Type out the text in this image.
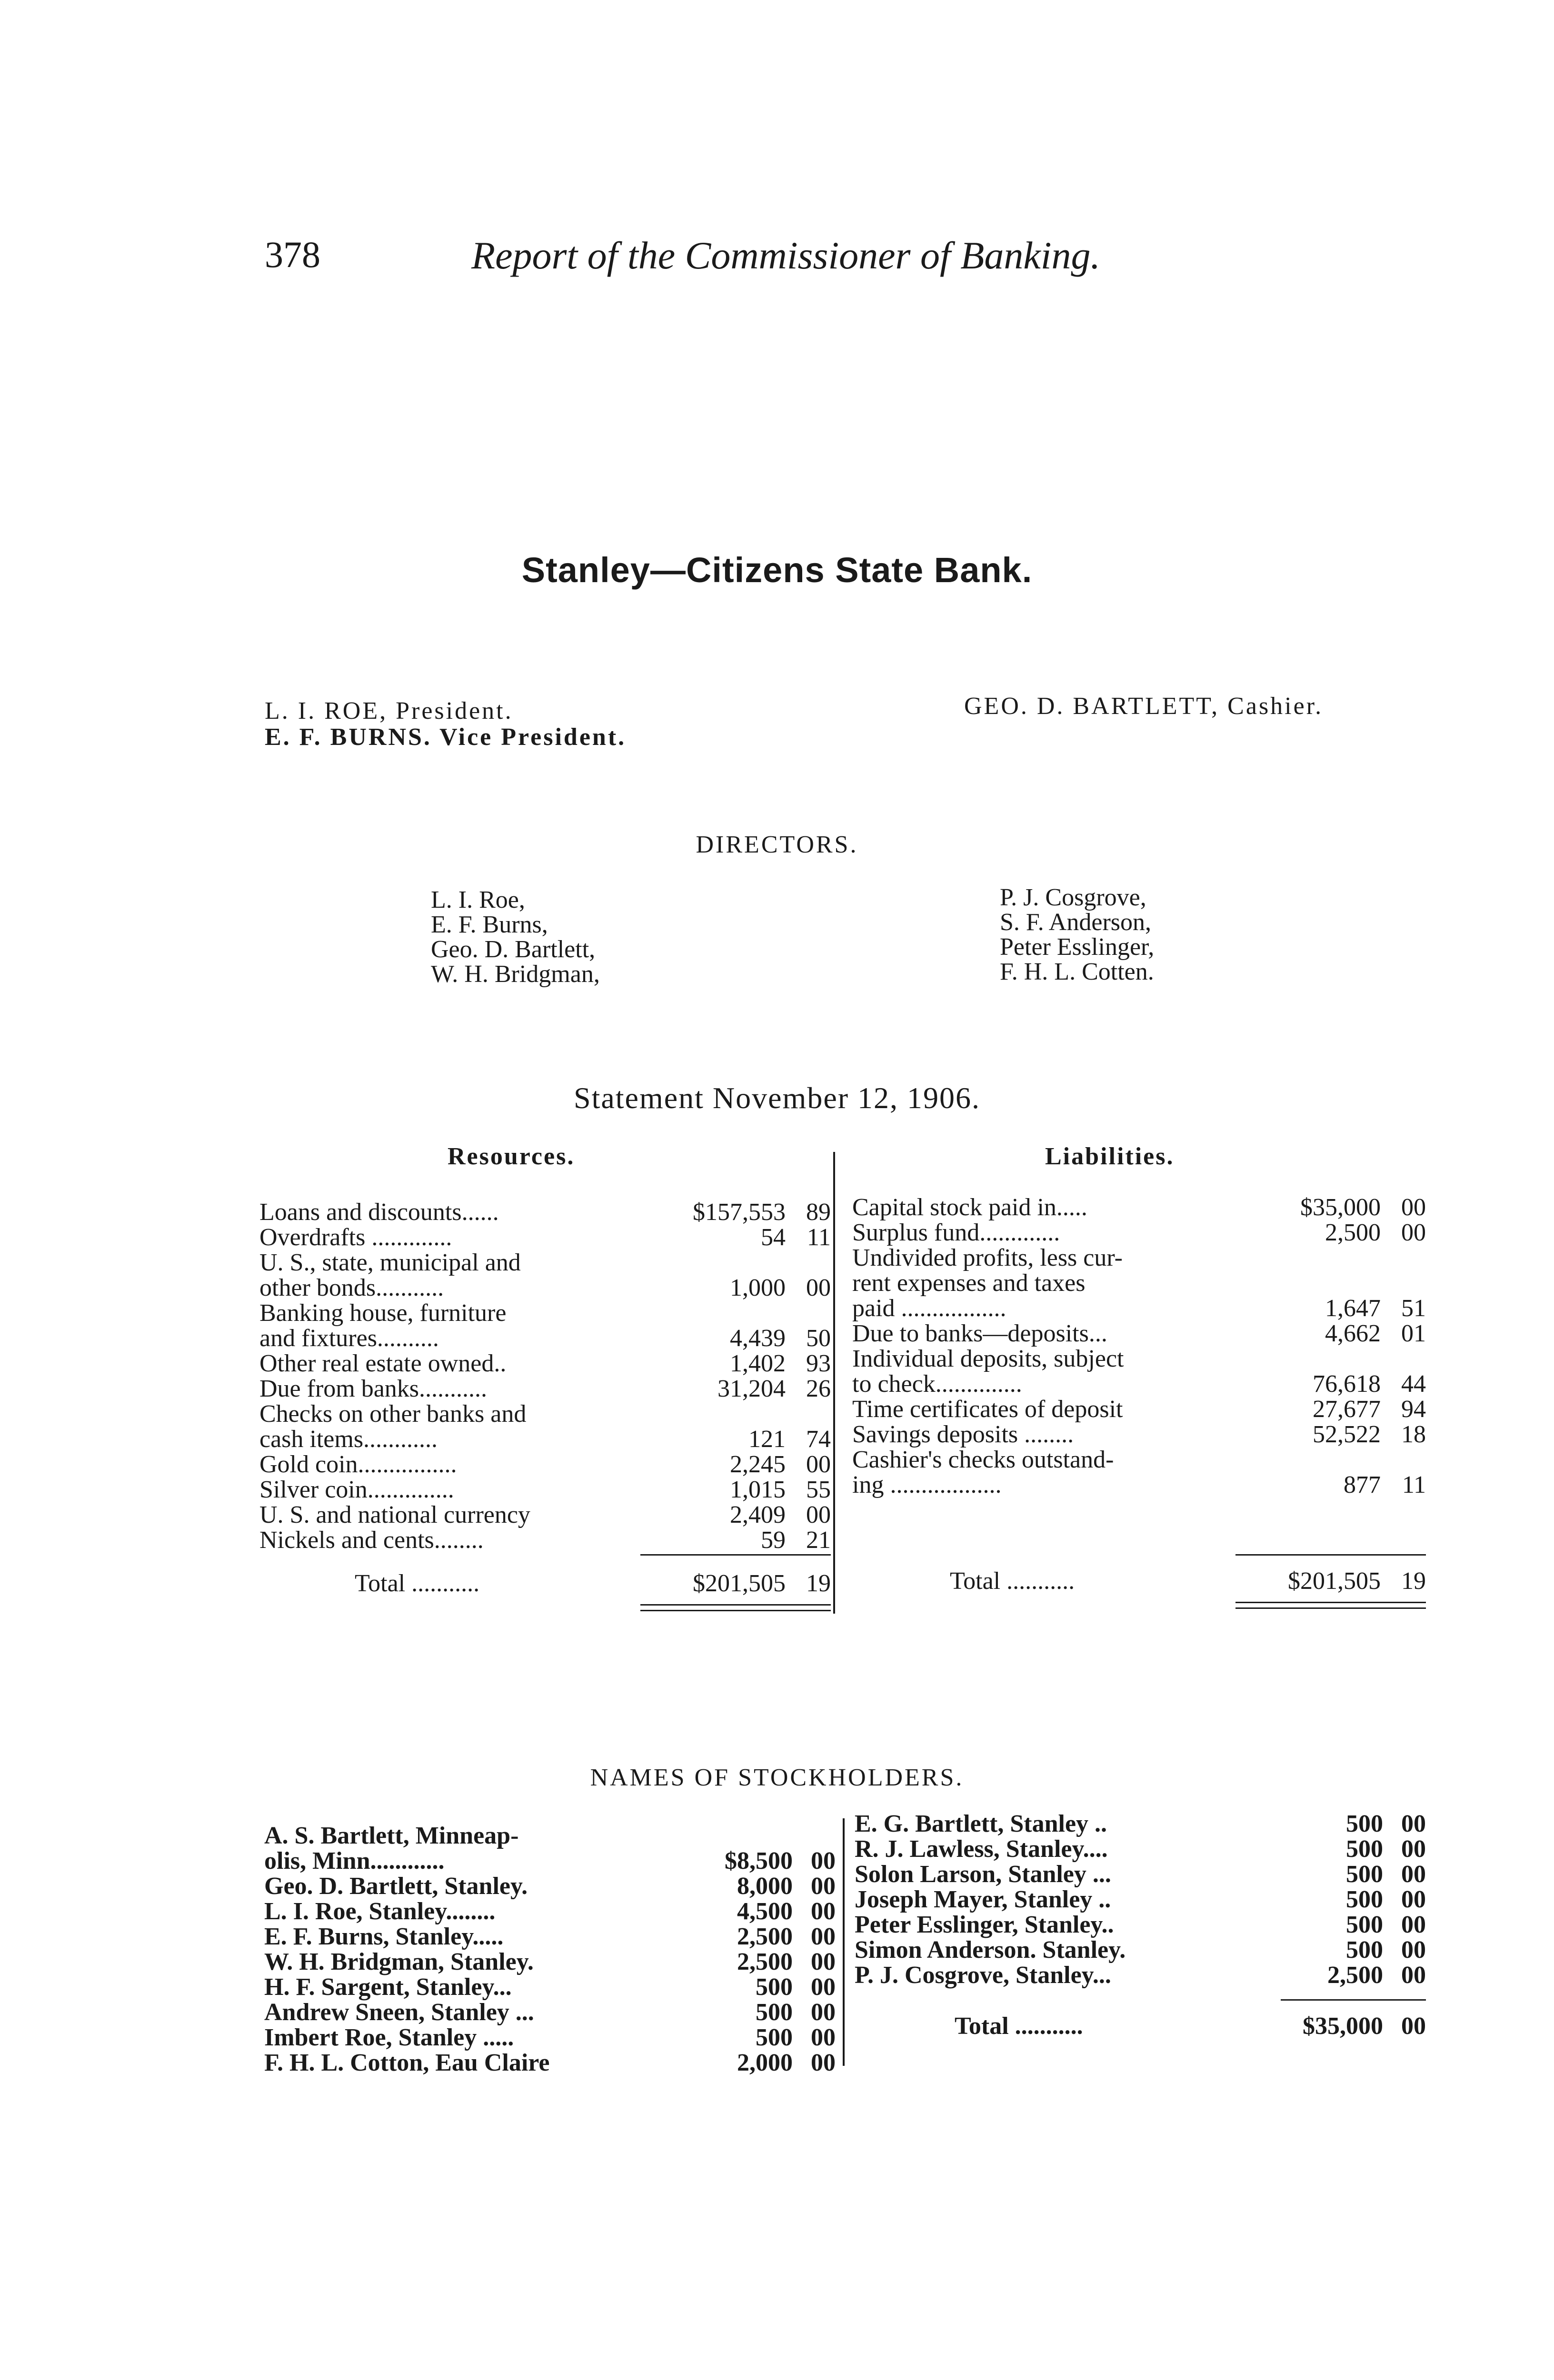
378	Report of the Commissioner of Banking.
Stanley—Citizens State Bank.
L. I. ROE, President.
E. F. BURNS. Vice President.
GEO. D. BARTLETT, Cashier.
DIRECTORS.
L. I. Roe,
E. F. Burns,
Geo. D. Bartlett,
W. H. Bridgman,
P. J. Cosgrove,
S. F. Anderson,
Peter Esslinger,
F. H. L. Cotten.
Statement November 12, 1906.
Resources.	Liabilities.
Loans and discounts......	$157,553 89
Overdrafts .............	54 11
U. S., state, municipal and
other bonds...........	1,000 00
Banking house, furniture
and fixtures..........	4,439 50
Other real estate owned..	1,402 93
Due from banks...........	31,204 26
Checks on other banks and
cash items............	121 74
Gold coin................	2,245 00
Silver coin..............	1,015 55
U. S. and national currency	2,409 00
Nickels and cents........	59 21
Total ...........	$201,505 19
Capital stock paid in.....	$35,000 00
Surplus fund.............	2,500 00
Undivided profits, less cur-
rent expenses and taxes
paid .................	1,647 51
Due to banks—deposits...	4,662 01
Individual deposits, subject
to check..............	76,618 44
Time certificates of deposit	27,677 94
Savings deposits ........	52,522 18
Cashier's checks outstand-
ing ..................	877 11
Total ...........	$201,505 19
NAMES OF STOCKHOLDERS.
A. S. Bartlett, Minneap-
olis, Minn............	$8,500 00
Geo. D. Bartlett, Stanley.	8,000 00
L. I. Roe, Stanley........	4,500 00
E. F. Burns, Stanley.....	2,500 00
W. H. Bridgman, Stanley.	2,500 00
H. F. Sargent, Stanley...	500 00
Andrew Sneen, Stanley ...	500 00
Imbert Roe, Stanley .....	500 00
F. H. L. Cotton, Eau Claire	2,000 00
E. G. Bartlett, Stanley ..	500 00
R. J. Lawless, Stanley....	500 00
Solon Larson, Stanley ...	500 00
Joseph Mayer, Stanley ..	500 00
Peter Esslinger, Stanley..	500 00
Simon Anderson. Stanley.	500 00
P. J. Cosgrove, Stanley...	2,500 00
Total ...........	$35,000 00
